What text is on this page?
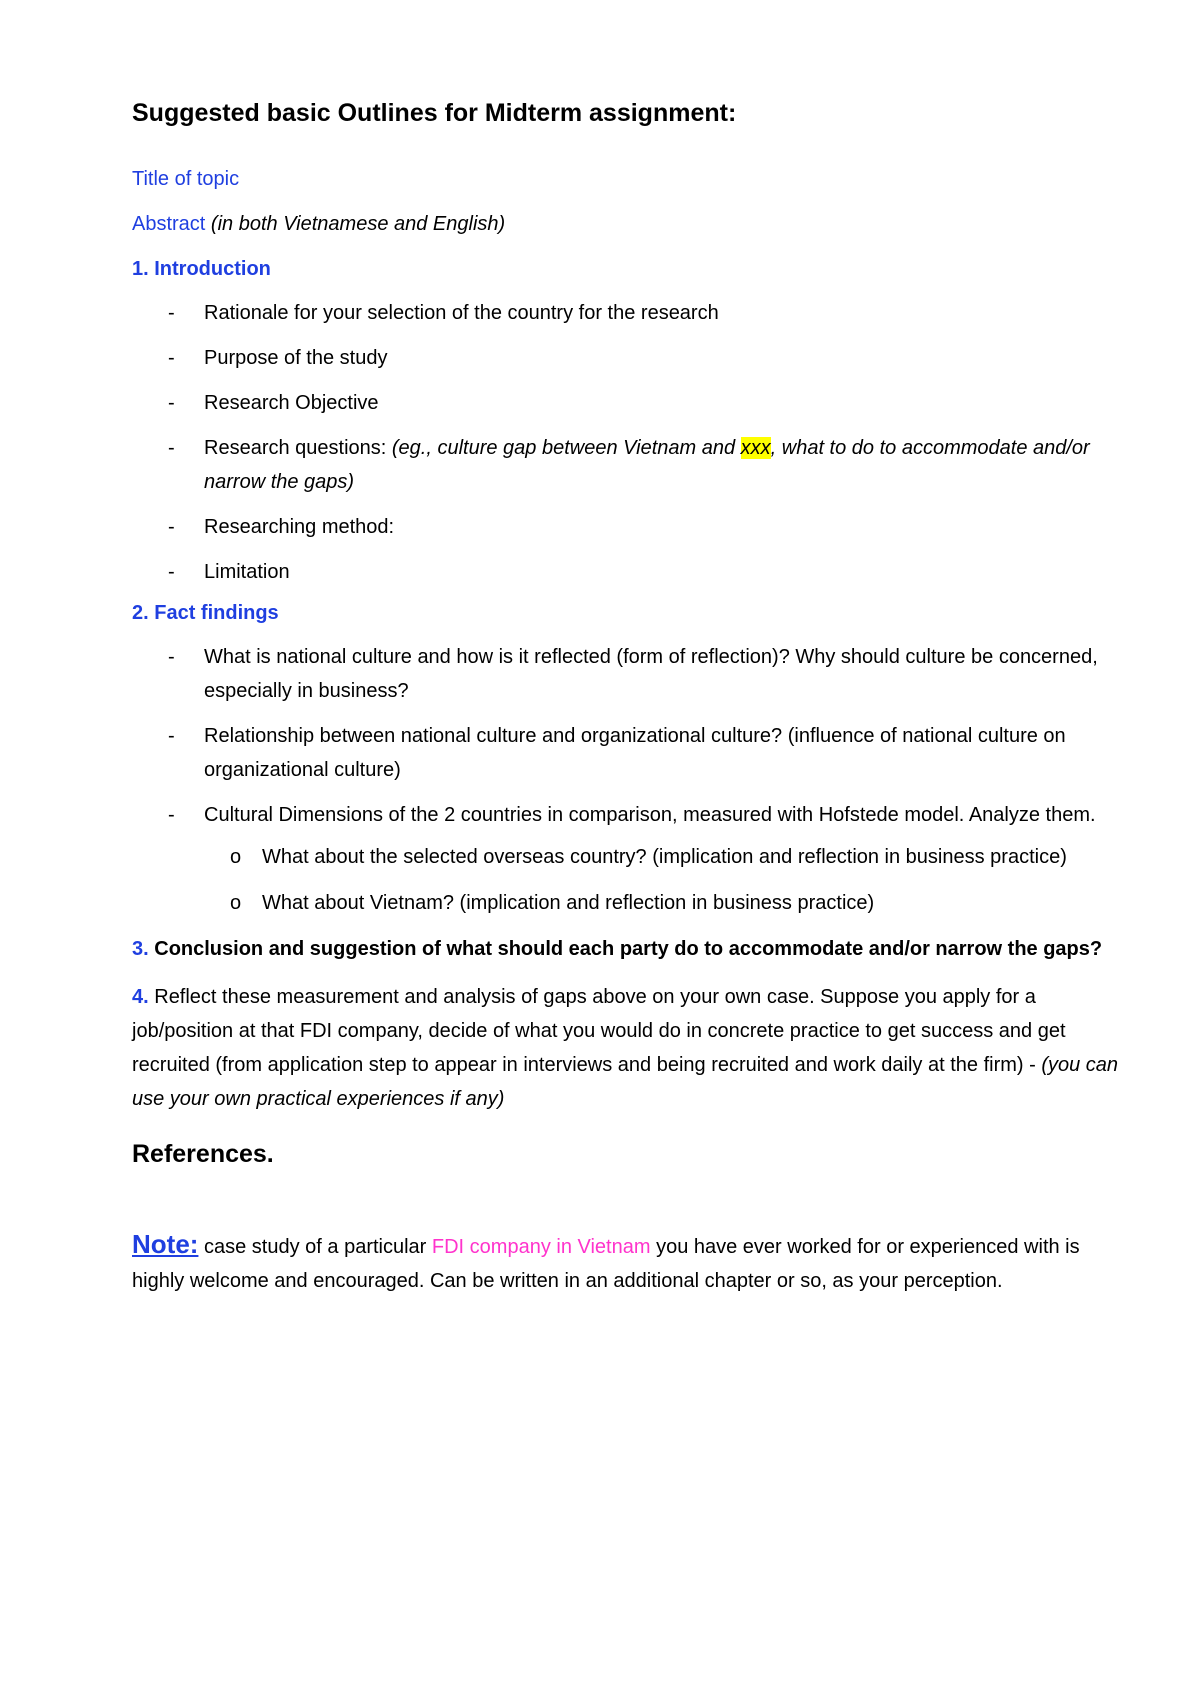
Suggested basic Outlines for Midterm assignment:

Title of topic

Abstract (in both Vietnamese and English)

1. Introduction

- Rationale for your selection of the country for the research
- Purpose of the study
- Research Objective
- Research questions: (eg., culture gap between Vietnam and xxx, what to do to accommodate and/or narrow the gaps)
- Researching method:
- Limitation

2. Fact findings

- What is national culture and how is it reflected (form of reflection)? Why should culture be concerned, especially in business?
- Relationship between national culture and organizational culture? (influence of national culture on organizational culture)
- Cultural Dimensions of the 2 countries in comparison, measured with Hofstede model. Analyze them.
o What about the selected overseas country? (implication and reflection in business practice)
o What about Vietnam? (implication and reflection in business practice)

3. Conclusion and suggestion of what should each party do to accommodate and/or narrow the gaps?

4. Reflect these measurement and analysis of gaps above on your own case. Suppose you apply for a job/position at that FDI company, decide of what you would do in concrete practice to get success and get recruited (from application step to appear in interviews and being recruited and work daily at the firm) - (you can use your own practical experiences if any)

References.

Note: case study of a particular FDI company in Vietnam you have ever worked for or experienced with is highly welcome and encouraged. Can be written in an additional chapter or so, as your perception.
